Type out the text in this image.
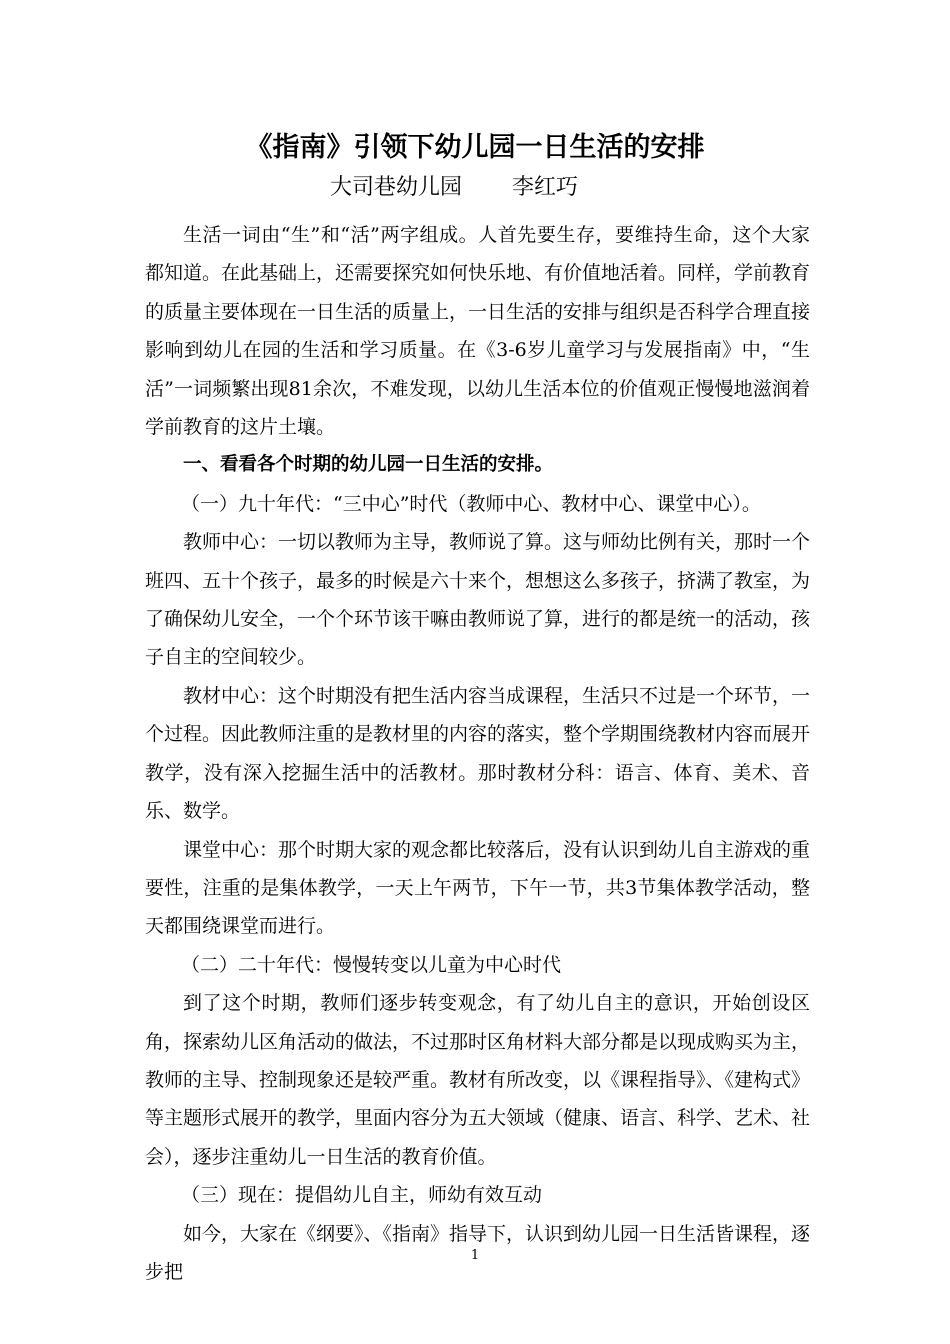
《指南》引领下幼儿园一日生活的安排
大司巷幼儿园 李红巧

生活一词由“生”和“活”两字组成。人首先要生存，要维持生命，这个大家都知道。在此基础上，还需要探究如何快乐地、有价值地活着。同样，学前教育的质量主要体现在一日生活的质量上，一日生活的安排与组织是否科学合理直接影响到幼儿在园的生活和学习质量。在《3-6岁儿童学习与发展指南》中，“生活”一词频繁出现81余次，不难发现，以幼儿生活本位的价值观正慢慢地滋润着学前教育的这片土壤。

一、看看各个时期的幼儿园一日生活的安排。

（一）九十年代：“三中心”时代（教师中心、教材中心、课堂中心）。

教师中心：一切以教师为主导，教师说了算。这与师幼比例有关，那时一个班四、五十个孩子，最多的时候是六十来个，想想这么多孩子，挤满了教室，为了确保幼儿安全，一个个环节该干嘛由教师说了算，进行的都是统一的活动，孩子自主的空间较少。

教材中心：这个时期没有把生活内容当成课程，生活只不过是一个环节，一个过程。因此教师注重的是教材里的内容的落实，整个学期围绕教材内容而展开教学，没有深入挖掘生活中的活教材。那时教材分科：语言、体育、美术、音乐、数学。

课堂中心：那个时期大家的观念都比较落后，没有认识到幼儿自主游戏的重要性，注重的是集体教学，一天上午两节，下午一节，共3节集体教学活动，整天都围绕课堂而进行。

（二）二十年代：慢慢转变以儿童为中心时代

到了这个时期，教师们逐步转变观念，有了幼儿自主的意识，开始创设区角，探索幼儿区角活动的做法，不过那时区角材料大部分都是以现成购买为主，教师的主导、控制现象还是较严重。教材有所改变，以《课程指导》、《建构式》等主题形式展开的教学，里面内容分为五大领域（健康、语言、科学、艺术、社会），逐步注重幼儿一日生活的教育价值。

（三）现在：提倡幼儿自主，师幼有效互动

如今，大家在《纲要》、《指南》指导下，认识到幼儿园一日生活皆课程，逐步把

1
